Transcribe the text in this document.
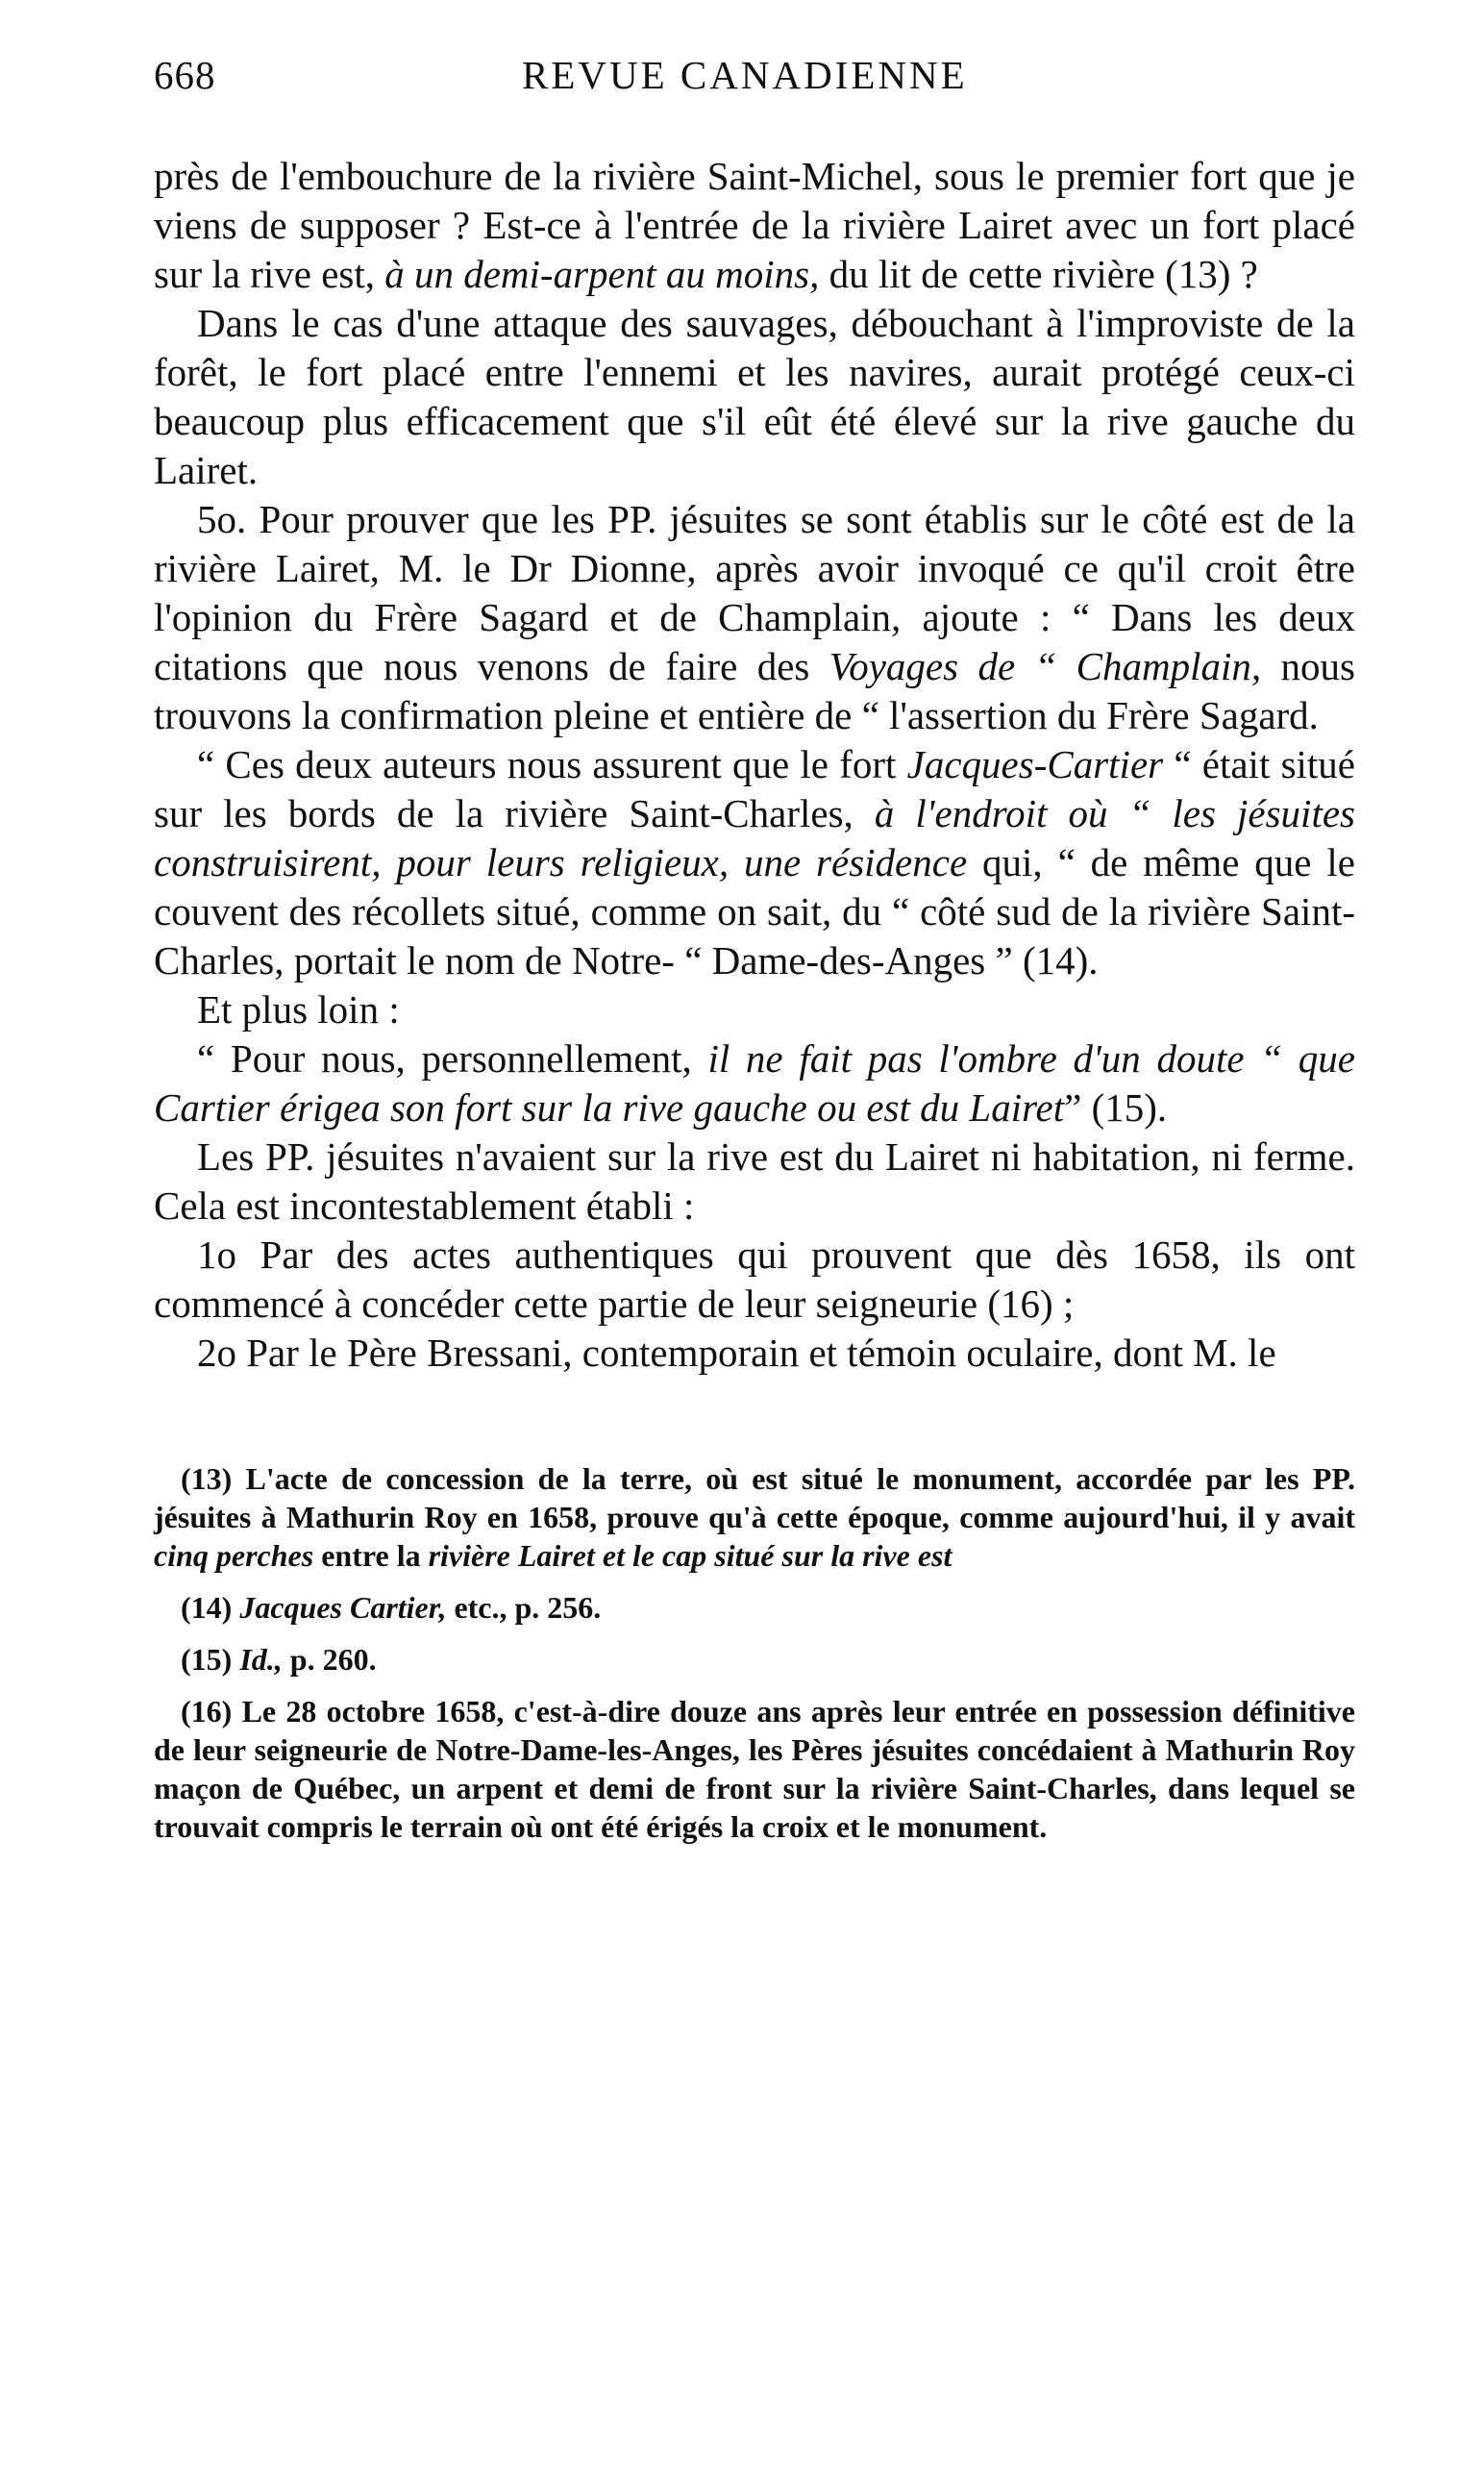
668	REVUE CANADIENNE

près de l'embouchure de la rivière Saint-Michel, sous le premier fort que je viens de supposer ? Est-ce à l'entrée de la rivière Lairet avec un fort placé sur la rive est, à un demi-arpent au moins, du lit de cette rivière (13) ?

Dans le cas d'une attaque des sauvages, débouchant à l'improviste de la forêt, le fort placé entre l'ennemi et les navires, aurait protégé ceux-ci beaucoup plus efficacement que s'il eût été élevé sur la rive gauche du Lairet.

5o. Pour prouver que les PP. jésuites se sont établis sur le côté est de la rivière Lairet, M. le Dr Dionne, après avoir invoqué ce qu'il croit être l'opinion du Frère Sagard et de Champlain, ajoute : “ Dans les deux citations que nous venons de faire des Voyages de “ Champlain, nous trouvons la confirmation pleine et entière de “ l'assertion du Frère Sagard.

“ Ces deux auteurs nous assurent que le fort Jacques-Cartier “ était situé sur les bords de la rivière Saint-Charles, à l'endroit où “ les jésuites construisirent, pour leurs religieux, une résidence qui, “ de même que le couvent des récollets situé, comme on sait, du “ côté sud de la rivière Saint-Charles, portait le nom de Notre- “ Dame-des-Anges ” (14).

Et plus loin :

“ Pour nous, personnellement, il ne fait pas l'ombre d'un doute “ que Cartier érigea son fort sur la rive gauche ou est du Lairet” (15).

Les PP. jésuites n'avaient sur la rive est du Lairet ni habitation, ni ferme. Cela est incontestablement établi :

1o Par des actes authentiques qui prouvent que dès 1658, ils ont commencé à concéder cette partie de leur seigneurie (16) ;

2o Par le Père Bressani, contemporain et témoin oculaire, dont M. le

(13) L'acte de concession de la terre, où est situé le monument, accordée par les PP. jésuites à Mathurin Roy en 1658, prouve qu'à cette époque, comme aujourd'hui, il y avait cinq perches entre la rivière Lairet et le cap situé sur la rive est

(14) Jacques Cartier, etc., p. 256.

(15) Id., p. 260.

(16) Le 28 octobre 1658, c'est-à-dire douze ans après leur entrée en possession définitive de leur seigneurie de Notre-Dame-les-Anges, les Pères jésuites concédaient à Mathurin Roy maçon de Québec, un arpent et demi de front sur la rivière Saint-Charles, dans lequel se trouvait compris le terrain où ont été érigés la croix et le monument.
